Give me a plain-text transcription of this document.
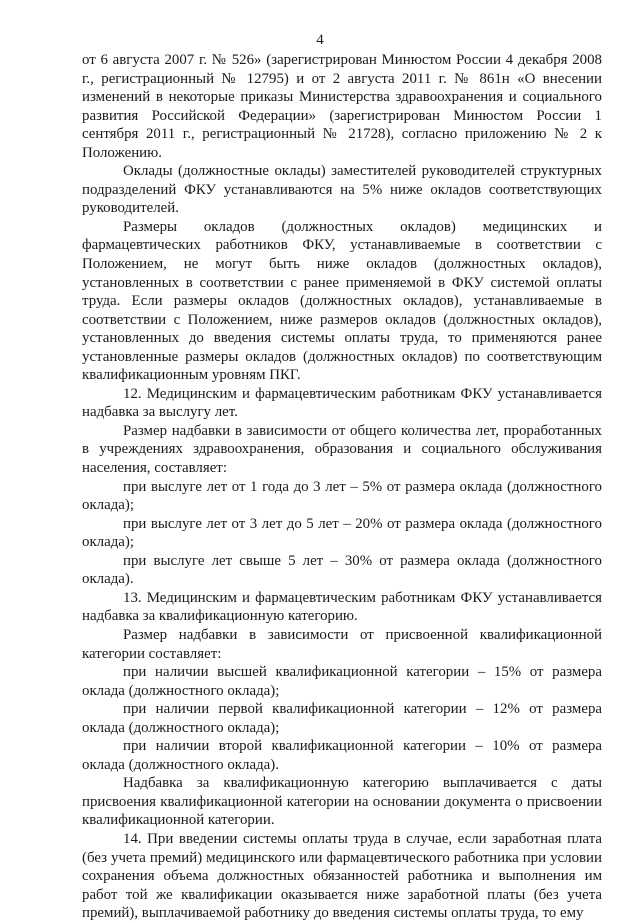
4

от 6 августа 2007 г. № 526» (зарегистрирован Минюстом России 4 декабря 2008 г., регистрационный № 12795) и от 2 августа 2011 г. № 861н «О внесении изменений в некоторые приказы Министерства здравоохранения и социального развития Российской Федерации» (зарегистрирован Минюстом России 1 сентября 2011 г., регистрационный № 21728), согласно приложению № 2 к Положению.

Оклады (должностные оклады) заместителей руководителей структурных подразделений ФКУ устанавливаются на 5% ниже окладов соответствующих руководителей.

Размеры окладов (должностных окладов) медицинских и фармацевтических работников ФКУ, устанавливаемые в соответствии с Положением, не могут быть ниже окладов (должностных окладов), установленных в соответствии с ранее применяемой в ФКУ системой оплаты труда. Если размеры окладов (должностных окладов), устанавливаемые в соответствии с Положением, ниже размеров окладов (должностных окладов), установленных до введения системы оплаты труда, то применяются ранее установленные размеры окладов (должностных окладов) по соответствующим квалификационным уровням ПКГ.

12. Медицинским и фармацевтическим работникам ФКУ устанавливается надбавка за выслугу лет.

Размер надбавки в зависимости от общего количества лет, проработанных в учреждениях здравоохранения, образования и социального обслуживания населения, составляет:

при выслуге лет от 1 года до 3 лет – 5% от размера оклада (должностного оклада);

при выслуге лет от 3 лет до 5 лет – 20% от размера оклада (должностного оклада);

при выслуге лет свыше 5 лет – 30% от размера оклада (должностного оклада).

13. Медицинским и фармацевтическим работникам ФКУ устанавливается надбавка за квалификационную категорию.

Размер надбавки в зависимости от присвоенной квалификационной категории составляет:

при наличии высшей квалификационной категории – 15% от размера оклада (должностного оклада);

при наличии первой квалификационной категории – 12% от размера оклада (должностного оклада);

при наличии второй квалификационной категории – 10% от размера оклада (должностного оклада).

Надбавка за квалификационную категорию выплачивается с даты присвоения квалификационной категории на основании документа о присвоении квалификационной категории.

14. При введении системы оплаты труда в случае, если заработная плата (без учета премий) медицинского или фармацевтического работника при условии сохранения объема должностных обязанностей работника и выполнения им работ той же квалификации оказывается ниже заработной платы (без учета премий), выплачиваемой работнику до введения системы оплаты труда, то ему
